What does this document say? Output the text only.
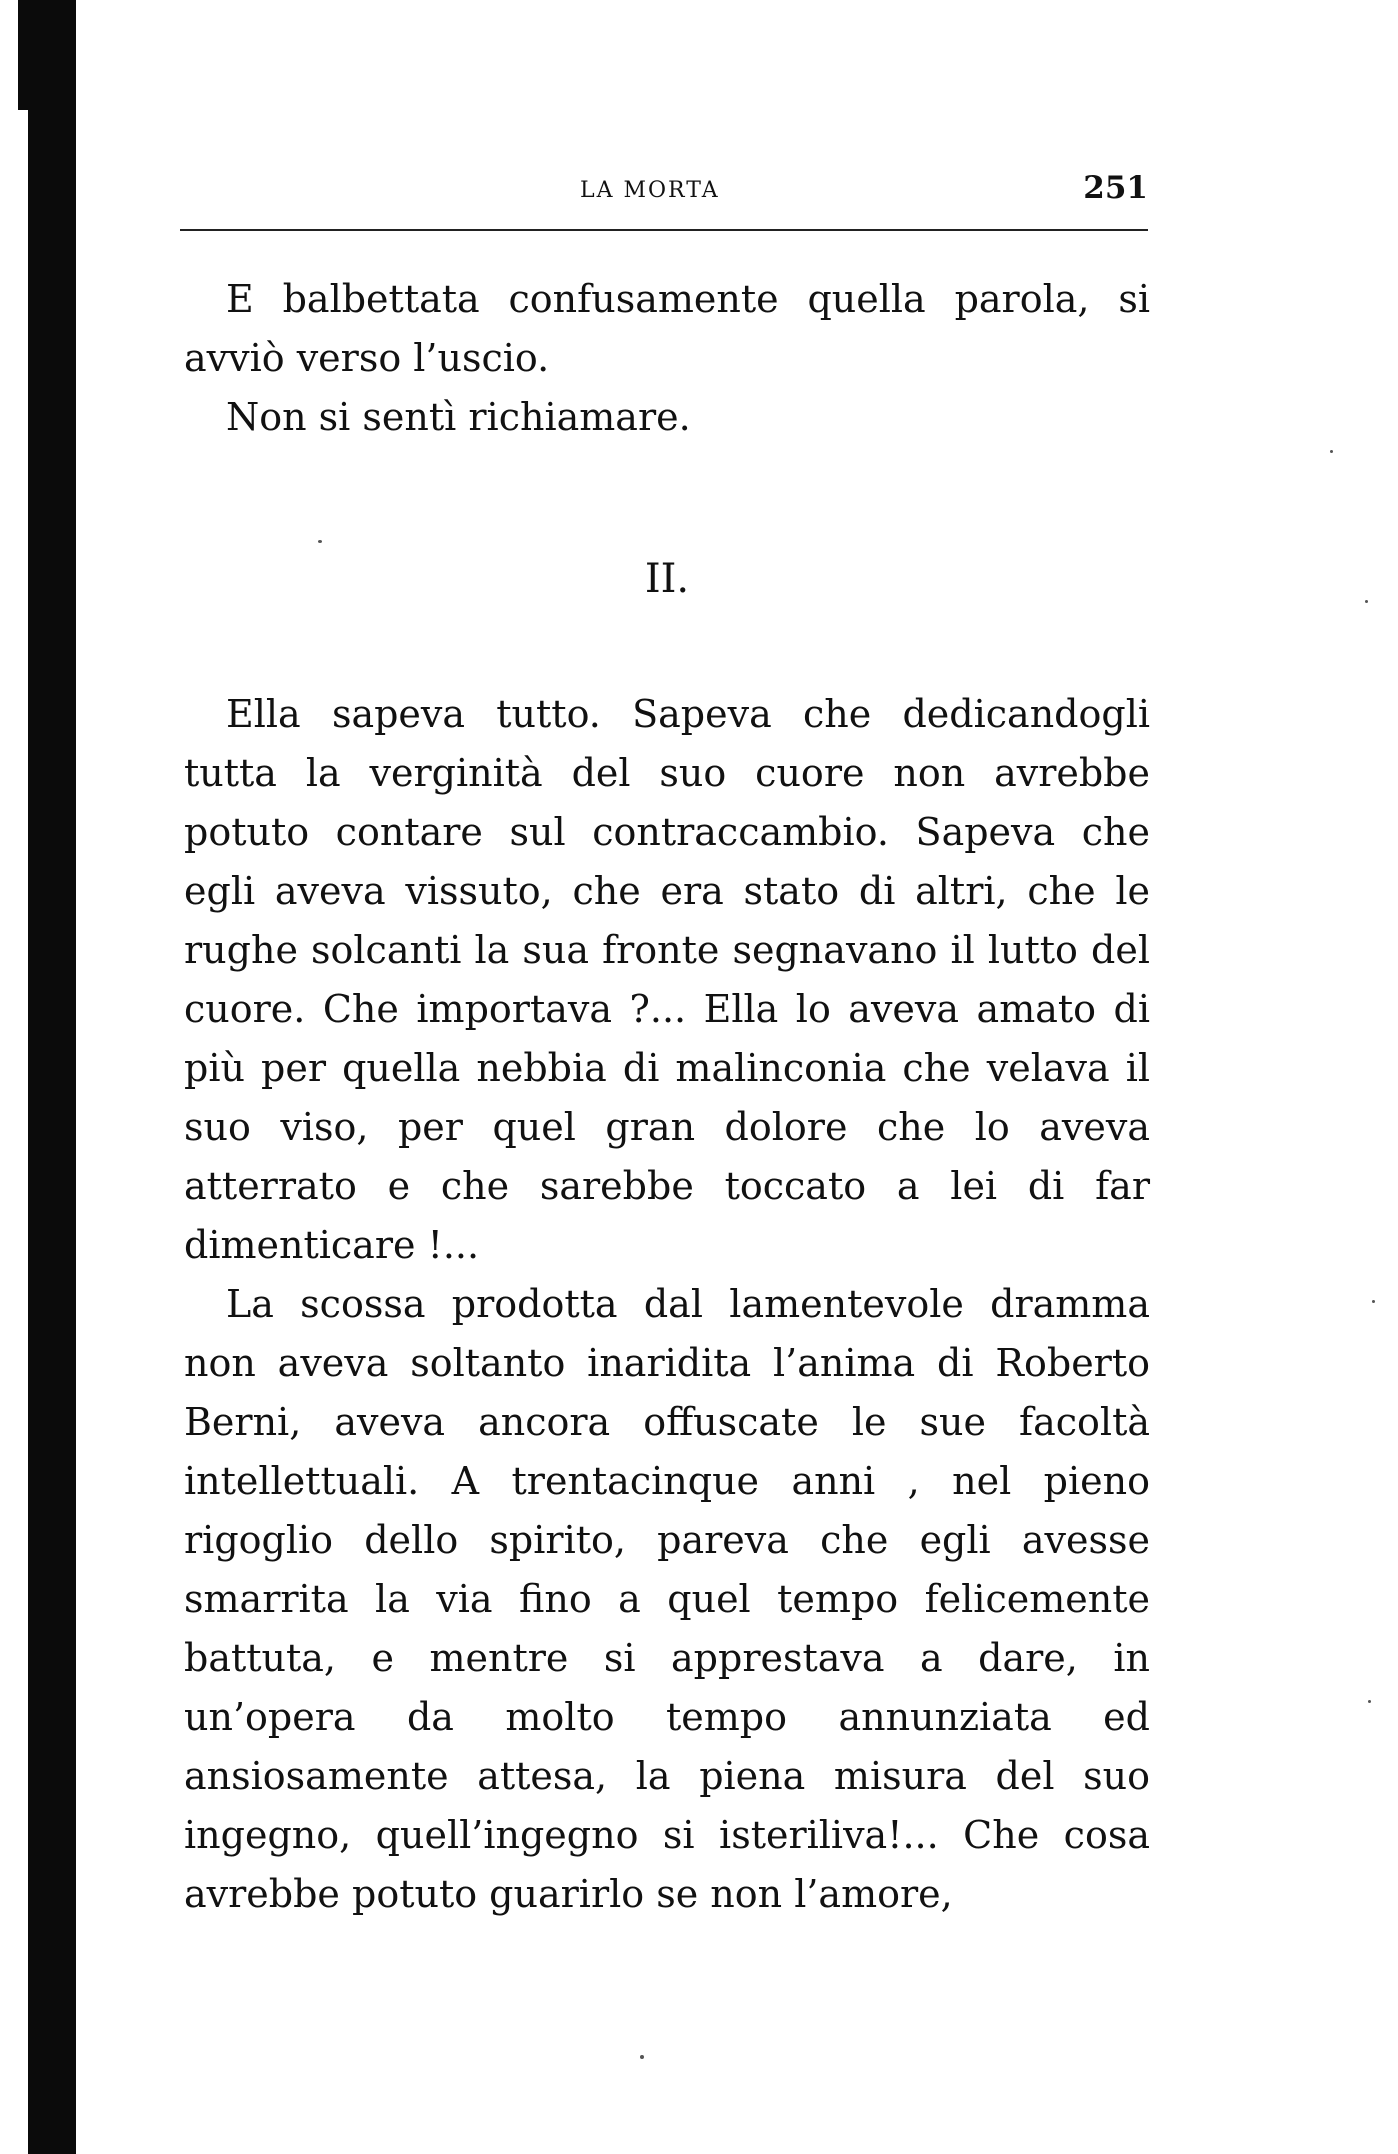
LA MORTA	251

E balbettata confusamente quella parola, si avviò verso l’uscio.

Non si sentì richiamare.

II.

Ella sapeva tutto. Sapeva che dedicandogli tutta la verginità del suo cuore non avrebbe potuto contare sul contraccambio. Sapeva che egli aveva vissuto, che era stato di altri, che le rughe solcanti la sua fronte segnavano il lutto del cuore. Che importava ?... Ella lo aveva amato di più per quella nebbia di malinconia che velava il suo viso, per quel gran dolore che lo aveva atterrato e che sarebbe toccato a lei di far dimenticare !...

La scossa prodotta dal lamentevole dramma non aveva soltanto inaridita l’anima di Roberto Berni, aveva ancora offuscate le sue facoltà intellettuali. A trentacinque anni , nel pieno rigoglio dello spirito, pareva che egli avesse smarrita la via fino a quel tempo felicemente battuta, e mentre si apprestava a dare, in un’opera da molto tempo annunziata ed ansiosamente attesa, la piena misura del suo ingegno, quell’ingegno si isteriliva!... Che cosa avrebbe potuto guarirlo se non l’amore,
